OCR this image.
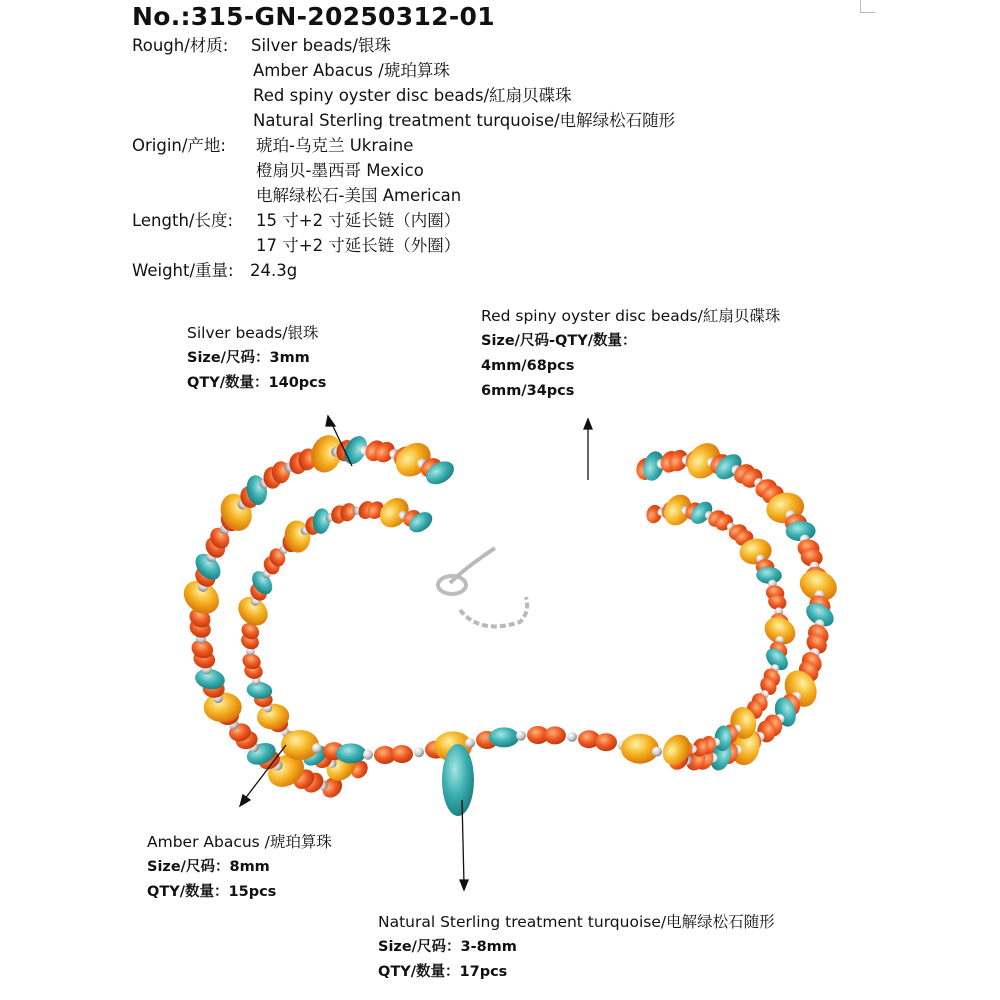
No.:315-GN-20250312-01
Rough/材质: Silver beads/银珠
Amber Abacus /琥珀算珠
Red spiny oyster disc beads/紅扇贝碟珠
Natural Sterling treatment turquoise/电解绿松石随形
Origin/产地: 琥珀-乌克兰 Ukraine
橙扇贝-墨西哥 Mexico
电解绿松石-美国 American
Length/长度: 15 寸+2 寸延长链（内圈）
17 寸+2 寸延长链（外圈）
Weight/重量: 24.3g
Silver beads/银珠
Size/尺码：3mm
QTY/数量：140pcs
Red spiny oyster disc beads/紅扇贝碟珠
Size/尺码-QTY/数量：
4mm/68pcs
6mm/34pcs
Amber Abacus /琥珀算珠
Size/尺码：8mm
QTY/数量：15pcs
Natural Sterling treatment turquoise/电解绿松石随形
Size/尺码：3-8mm
QTY/数量：17pcs
